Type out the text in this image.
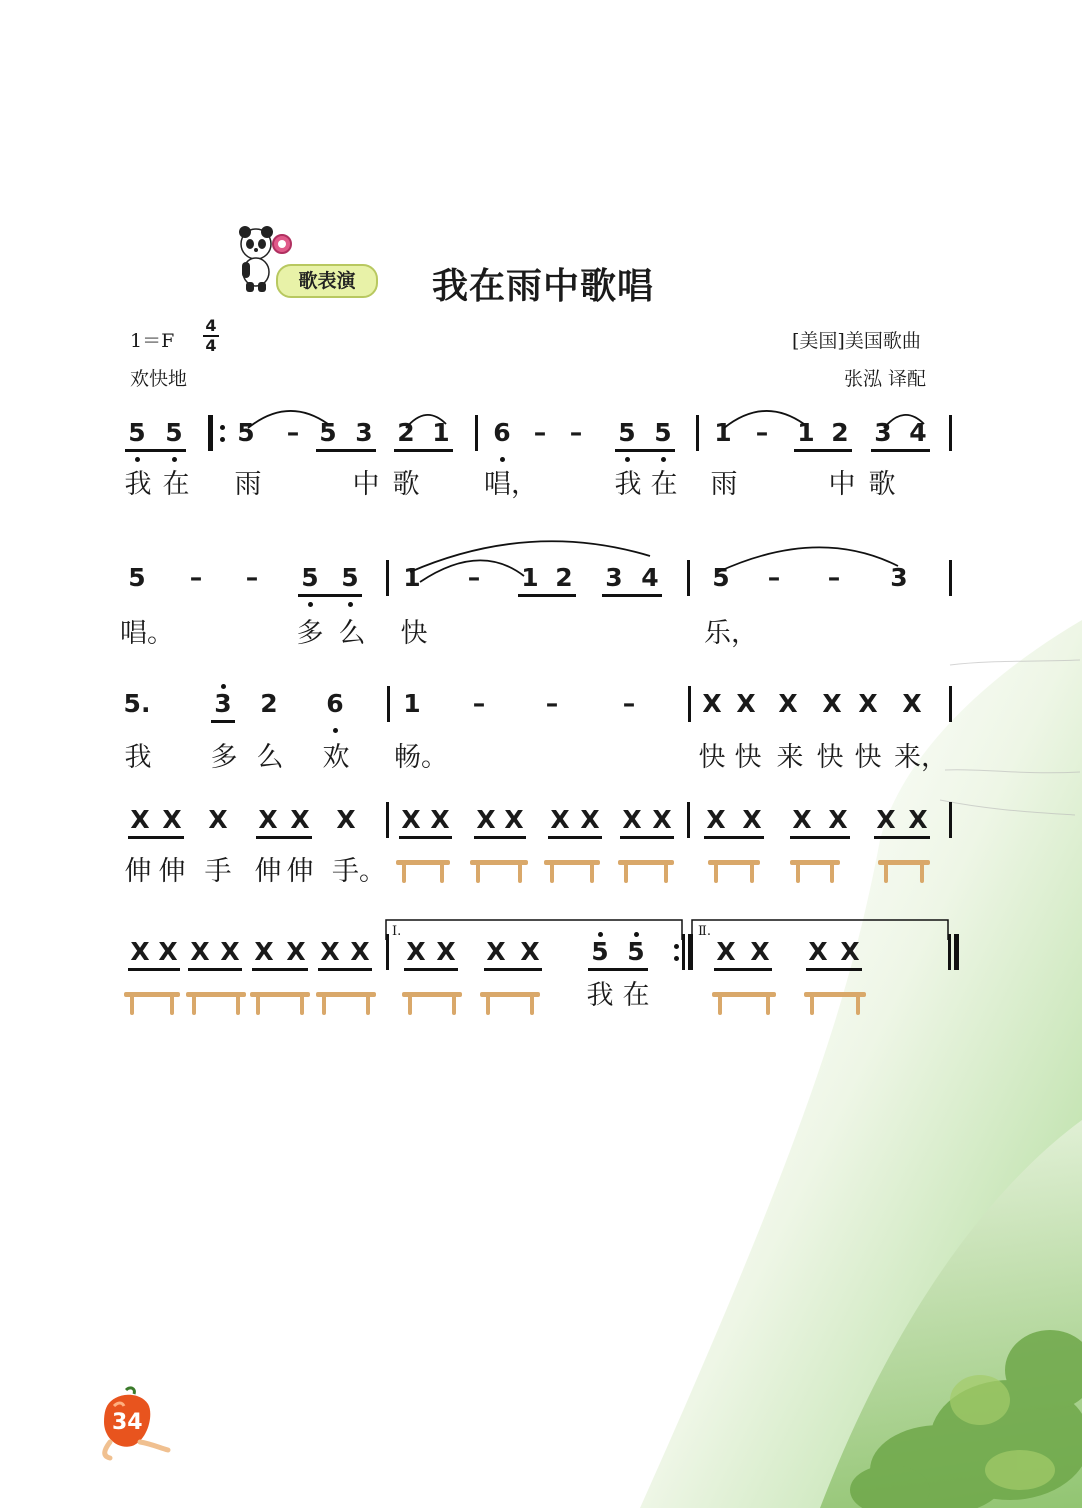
歌表演	我在雨中歌唱
1＝F
4
4
欢快地
[美国]美国歌曲
张泓 译配
5 5 5	– 5 3 2 1 6 – –	5 5 1 –	1 2 3 4
我 在 雨	中 歌 唱，	我 在 雨	中 歌
5	–	–	5 5 1	–	1 2 3 4 5	–	–	3
唱。	多 么 快	乐，
5.	3 2 6 1	–	–	–	X X X X X X
我 多 么 欢 畅。	快 快 来 快 快 来，
X X X X X X X X X X X X X X X X X X X X
伸 伸 手 伸 伸 手。
X X X X X X X X X X X X 5 5	X X X X
我 在
Ⅰ.	Ⅱ.
34
